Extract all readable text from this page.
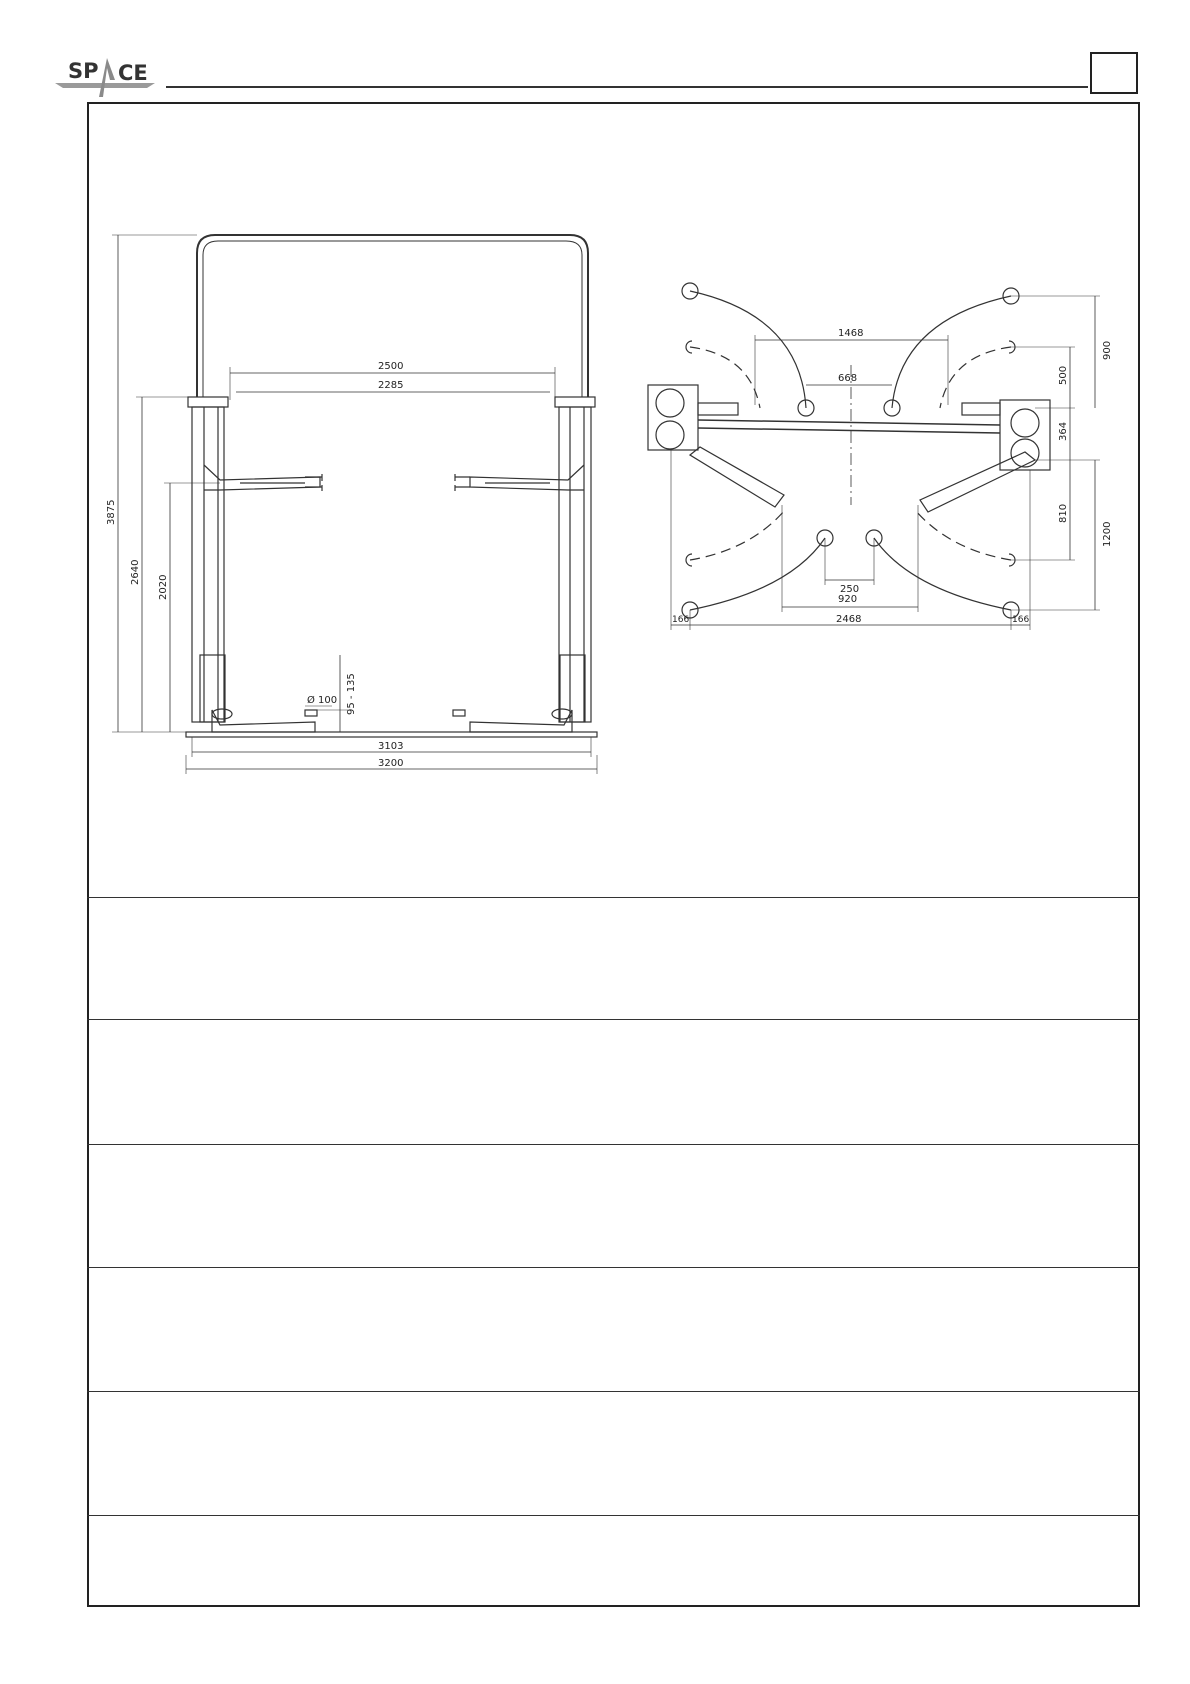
SP CE
3875
2640
2020
2500
2285
95 - 135
Ø 100
3103
3200
1468
668
900
500
364
810
1200
250
920
166	2468	166
